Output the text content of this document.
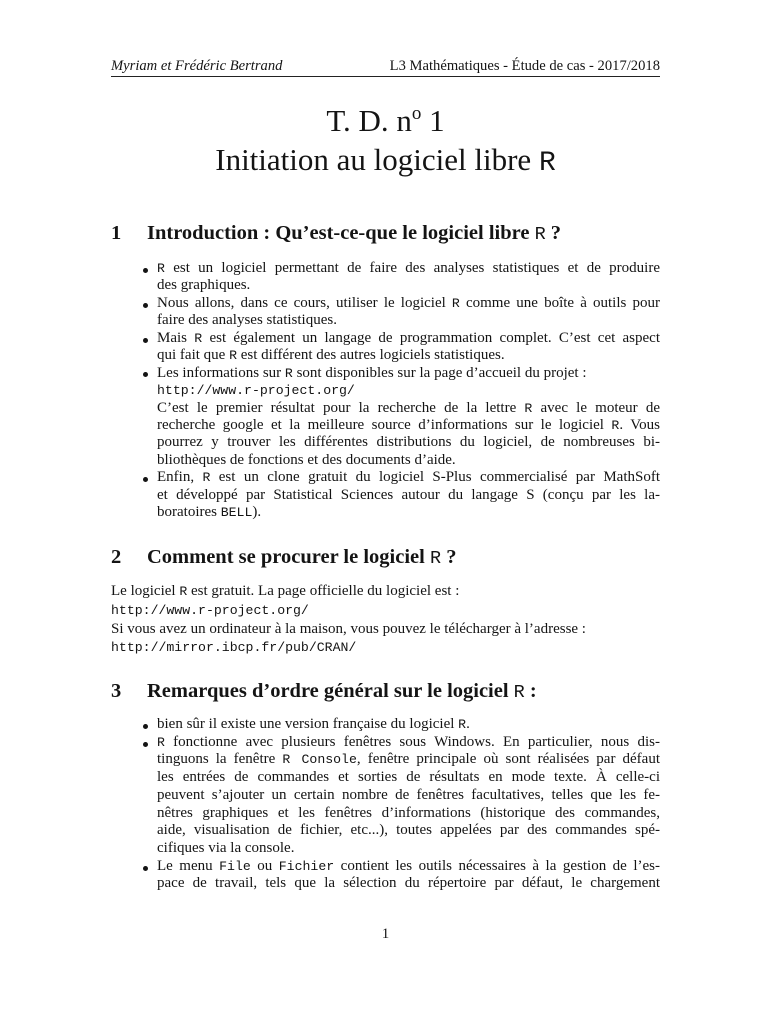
Myriam et Frédéric Bertrand	L3 Mathématiques - Étude de cas - 2017/2018
T. D. $n^o$ 1
Initiation au logiciel libre R
1 Introduction : Qu’est-ce-que le logiciel libre R ?
R est un logiciel permettant de faire des analyses statistiques et de produire
des graphiques.
Nous allons, dans ce cours, utiliser le logiciel R comme une boîte à outils pour
faire des analyses statistiques.
Mais R est également un langage de programmation complet. C’est cet aspect
qui fait que R est différent des autres logiciels statistiques.
Les informations sur R sont disponibles sur la page d’accueil du projet :
http://www.r-project.org/
C’est le premier résultat pour la recherche de la lettre R avec le moteur de
recherche google et la meilleure source d’informations sur le logiciel R. Vous
pourrez y trouver les différentes distributions du logiciel, de nombreuses bi-
bliothèques de fonctions et des documents d’aide.
Enfin, R est un clone gratuit du logiciel S-Plus commercialisé par MathSoft
et développé par Statistical Sciences autour du langage S (conçu par les la-
boratoires BELL).
2 Comment se procurer le logiciel R ?
Le logiciel R est gratuit. La page officielle du logiciel est :
http://www.r-project.org/
Si vous avez un ordinateur à la maison, vous pouvez le télécharger à l’adresse :
http://mirror.ibcp.fr/pub/CRAN/
3 Remarques d’ordre général sur le logiciel R :
bien sûr il existe une version française du logiciel R.
R fonctionne avec plusieurs fenêtres sous Windows. En particulier, nous dis-
tinguons la fenêtre R Console, fenêtre principale où sont réalisées par défaut
les entrées de commandes et sorties de résultats en mode texte. À celle-ci
peuvent s’ajouter un certain nombre de fenêtres facultatives, telles que les fe-
nêtres graphiques et les fenêtres d’informations (historique des commandes,
aide, visualisation de fichier, etc...), toutes appelées par des commandes spé-
cifiques via la console.
Le menu File ou Fichier contient les outils nécessaires à la gestion de l’es-
pace de travail, tels que la sélection du répertoire par défaut, le chargement
1
